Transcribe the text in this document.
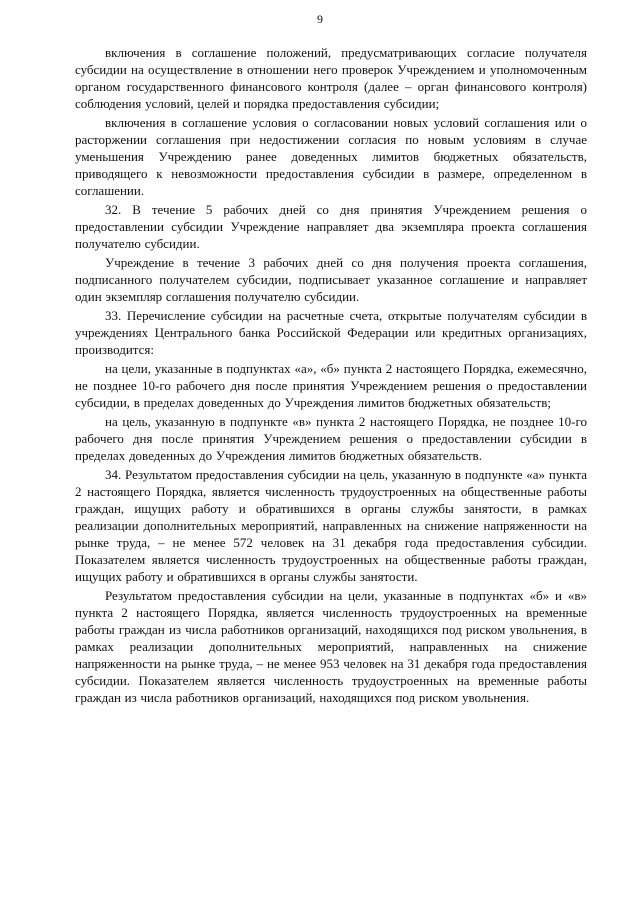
9

включения в соглашение положений, предусматривающих согласие получателя субсидии на осуществление в отношении него проверок Учреждением и уполномоченным органом государственного финансового контроля (далее – орган финансового контроля) соблюдения условий, целей и порядка предоставления субсидии;

включения в соглашение условия о согласовании новых условий соглашения или о расторжении соглашения при недостижении согласия по новым условиям в случае уменьшения Учреждению ранее доведенных лимитов бюджетных обязательств, приводящего к невозможности предоставления субсидии в размере, определенном в соглашении.

32. В течение 5 рабочих дней со дня принятия Учреждением решения о предоставлении субсидии Учреждение направляет два экземпляра проекта соглашения получателю субсидии.

Учреждение в течение 3 рабочих дней со дня получения проекта соглашения, подписанного получателем субсидии, подписывает указанное соглашение и направляет один экземпляр соглашения получателю субсидии.

33. Перечисление субсидии на расчетные счета, открытые получателям субсидии в учреждениях Центрального банка Российской Федерации или кредитных организациях, производится:

на цели, указанные в подпунктах «а», «б» пункта 2 настоящего Порядка, ежемесячно, не позднее 10-го рабочего дня после принятия Учреждением решения о предоставлении субсидии, в пределах доведенных до Учреждения лимитов бюджетных обязательств;

на цель, указанную в подпункте «в» пункта 2 настоящего Порядка, не позднее 10-го рабочего дня после принятия Учреждением решения о предоставлении субсидии в пределах доведенных до Учреждения лимитов бюджетных обязательств.

34. Результатом предоставления субсидии на цель, указанную в подпункте «а» пункта 2 настоящего Порядка, является численность трудоустроенных на общественные работы граждан, ищущих работу и обратившихся в органы службы занятости, в рамках реализации дополнительных мероприятий, направленных на снижение напряженности на рынке труда, – не менее 572 человек на 31 декабря года предоставления субсидии. Показателем является численность трудоустроенных на общественные работы граждан, ищущих работу и обратившихся в органы службы занятости.

Результатом предоставления субсидии на цели, указанные в подпунктах «б» и «в» пункта 2 настоящего Порядка, является численность трудоустроенных на временные работы граждан из числа работников организаций, находящихся под риском увольнения, в рамках реализации дополнительных мероприятий, направленных на снижение напряженности на рынке труда, – не менее 953 человек на 31 декабря года предоставления субсидии. Показателем является численность трудоустроенных на временные работы граждан из числа работников организаций, находящихся под риском увольнения.
